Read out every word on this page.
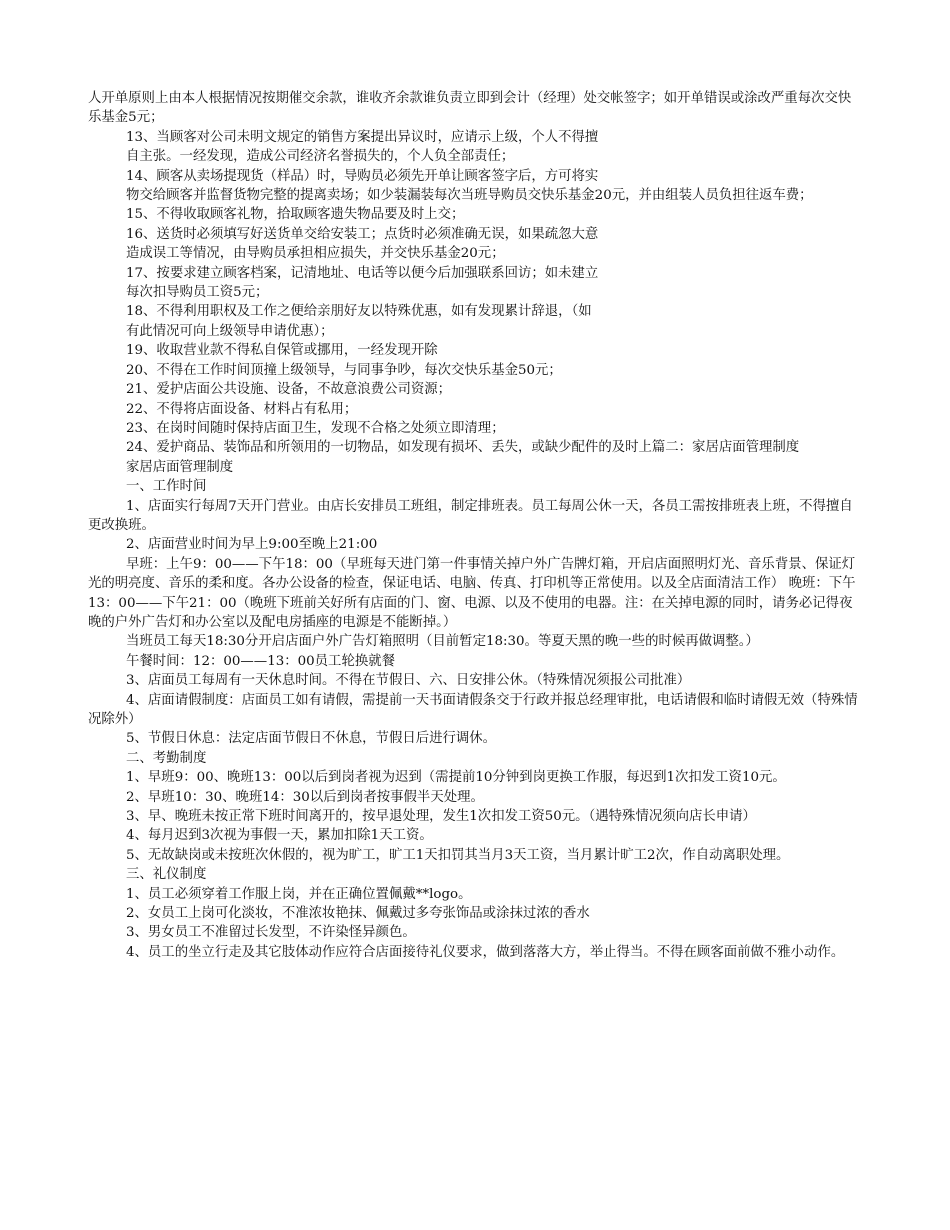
人开单原则上由本人根据情况按期催交余款，谁收齐余款谁负责立即到会计（经理）处交帐签字；如开单错误或涂改严重每次交快乐基金5元；

13、当顾客对公司未明文规定的销售方案提出异议时，应请示上级，个人不得擅

自主张。一经发现，造成公司经济名誉损失的，个人负全部责任；

14、顾客从卖场提现货（样品）时，导购员必须先开单让顾客签字后，方可将实

物交给顾客并监督货物完整的提离卖场；如少装漏装每次当班导购员交快乐基金20元，并由组装人员负担往返车费；

15、不得收取顾客礼物，拾取顾客遗失物品要及时上交；

16、送货时必须填写好送货单交给安装工；点货时必须准确无误，如果疏忽大意

造成误工等情况，由导购员承担相应损失，并交快乐基金20元；

17、按要求建立顾客档案，记清地址、电话等以便今后加强联系回访；如未建立

每次扣导购员工资5元；

18、不得利用职权及工作之便给亲朋好友以特殊优惠，如有发现累计辞退，（如

有此情况可向上级领导申请优惠）；

19、收取营业款不得私自保管或挪用，一经发现开除

20、不得在工作时间顶撞上级领导，与同事争吵，每次交快乐基金50元；

21、爱护店面公共设施、设备，不故意浪费公司资源；

22、不得将店面设备、材料占有私用；

23、在岗时间随时保持店面卫生，发现不合格之处须立即清理；

24、爱护商品、装饰品和所领用的一切物品，如发现有损坏、丢失，或缺少配件的及时上篇二：家居店面管理制度

家居店面管理制度

一、工作时间

1、店面实行每周7天开门营业。由店长安排员工班组，制定排班表。员工每周公休一天，各员工需按排班表上班，不得擅自更改换班。

2、店面营业时间为早上9:00至晚上21:00

早班：上午9：00——下午18：00（早班每天进门第一件事情关掉户外广告牌灯箱，开启店面照明灯光、音乐背景、保证灯光的明亮度、音乐的柔和度。各办公设备的检查，保证电话、电脑、传真、打印机等正常使用。以及全店面清洁工作） 晚班：下午13：00——下午21：00（晚班下班前关好所有店面的门、窗、电源、以及不使用的电器。注：在关掉电源的同时，请务必记得夜晚的户外广告灯和办公室以及配电房插座的电源是不能断掉。）

当班员工每天18:30分开启店面户外广告灯箱照明（目前暂定18:30。等夏天黑的晚一些的时候再做调整。）

午餐时间：12：00——13：00员工轮换就餐

3、店面员工每周有一天休息时间。不得在节假日、六、日安排公休。（特殊情况须报公司批准）

4、店面请假制度：店面员工如有请假，需提前一天书面请假条交于行政并报总经理审批，电话请假和临时请假无效（特殊情况除外）

5、节假日休息：法定店面节假日不休息，节假日后进行调休。

二、考勤制度

1、早班9：00、晚班13：00以后到岗者视为迟到（需提前10分钟到岗更换工作服，每迟到1次扣发工资10元。

2、早班10：30、晚班14：30以后到岗者按事假半天处理。

3、早、晚班未按正常下班时间离开的，按早退处理，发生1次扣发工资50元。（遇特殊情况须向店长申请）

4、每月迟到3次视为事假一天，累加扣除1天工资。

5、无故缺岗或未按班次休假的，视为旷工，旷工1天扣罚其当月3天工资，当月累计旷工2次，作自动离职处理。

三、礼仪制度

1、员工必须穿着工作服上岗，并在正确位置佩戴**logo。

2、女员工上岗可化淡妆，不准浓妆艳抹、佩戴过多夸张饰品或涂抹过浓的香水

3、男女员工不准留过长发型，不许染怪异颜色。

4、员工的坐立行走及其它肢体动作应符合店面接待礼仪要求，做到落落大方，举止得当。不得在顾客面前做不雅小动作。
